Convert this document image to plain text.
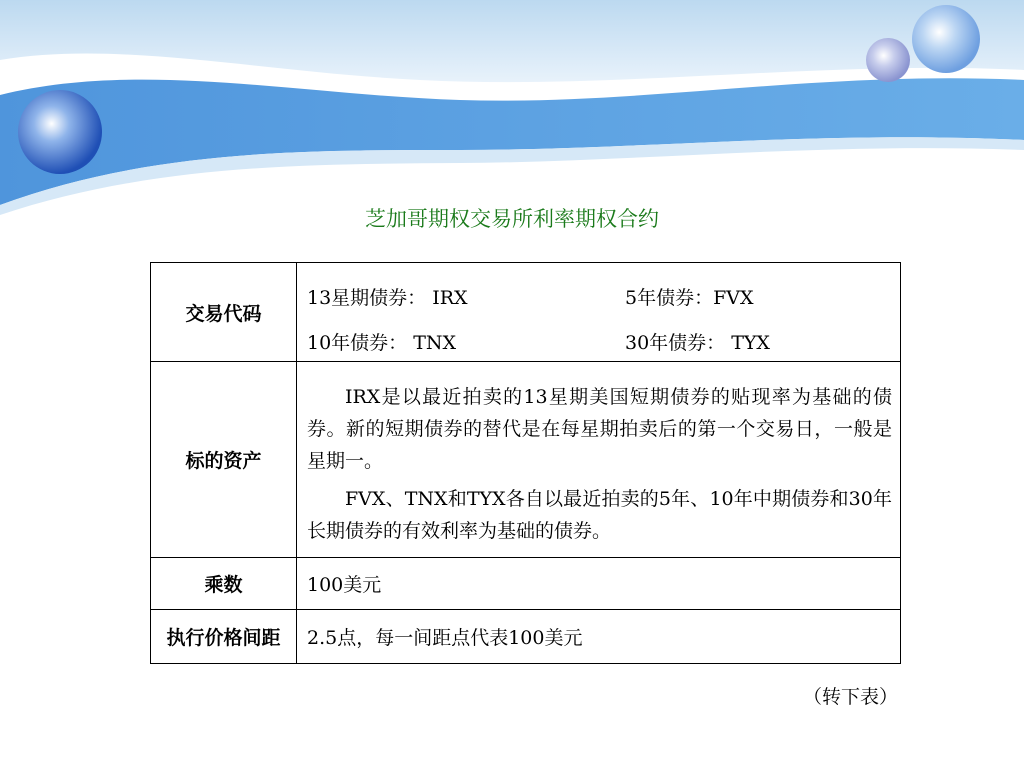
芝加哥期权交易所利率期权合约
交易代码	13星期债券： IRX 5年债券：FVX
10年债券： TNX 30年债券： TYX

标的资产	IRX是以最近拍卖的13星期美国短期债券的贴现率为基础的债券。新的短期债券的替代是在每星期拍卖后的第一个交易日，一般是星期一。
FVX、TNX和TYX各自以最近拍卖的5年、10年中期债券和30年长期债券的有效利率为基础的债券。

乘数	100美元

执行价格间距	2.5点，每一间距点代表100美元
（转下表）
